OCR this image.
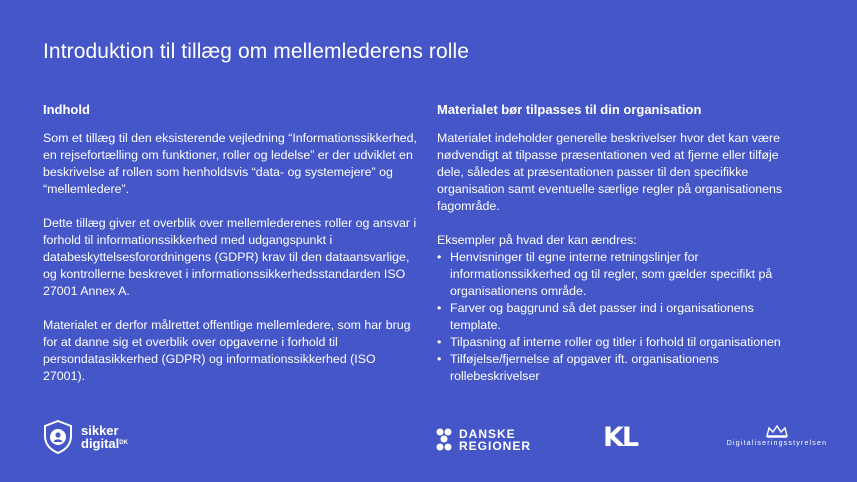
Introduktion til tillæg om mellemlederens rolle
Indhold

Som et tillæg til den eksisterende vejledning “Informationssikkerhed, en rejsefortælling om funktioner, roller og ledelse” er der udviklet en beskrivelse af rollen som henholdsvis “data- og systemejere” og “mellemledere”.

Dette tillæg giver et overblik over mellemlederenes roller og ansvar i forhold til informationssikkerhed med udgangspunkt i databeskyttelsesforordningens (GDPR) krav til den dataansvarlige, og kontrollerne beskrevet i informationssikkerhedsstandarden ISO 27001 Annex A.

Materialet er derfor målrettet offentlige mellemledere, som har brug for at danne sig et overblik over opgaverne i forhold til persondatasikkerhed (GDPR) og informationssikkerhed (ISO 27001).

Materialet bør tilpasses til din organisation

Materialet indeholder generelle beskrivelser hvor det kan være nødvendigt at tilpasse præsentationen ved at fjerne eller tilføje dele, således at præsentationen passer til den specifikke organisation samt eventuelle særlige regler på organisationens fagområde.

Eksempler på hvad der kan ændres:
• Henvisninger til egne interne retningslinjer for informationssikkerhed og til regler, som gælder specifikt på organisationens område.
• Farver og baggrund så det passer ind i organisationens template.
• Tilpasning af interne roller og titler i forhold til organisationen
• Tilføjelse/fjernelse af opgaver ift. organisationens rollebeskrivelser
sikker
digital$^{DK}$
DANSKE
REGIONER	KL	Digitaliseringsstyrelsen
